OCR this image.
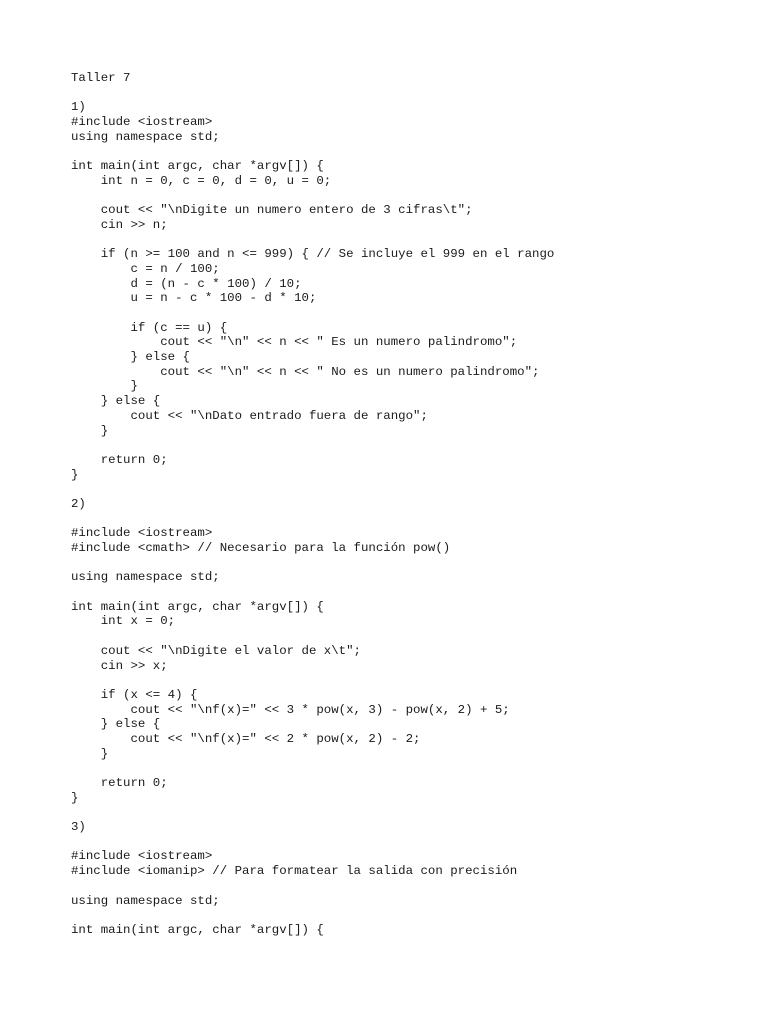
Taller 7
1)
#include <iostream>
using namespace std;
int main(int argc, char *argv[]) {
int n = 0, c = 0, d = 0, u = 0;
cout << "\nDigite un numero entero de 3 cifras\t";
cin >> n;
if (n >= 100 and n <= 999) { // Se incluye el 999 en el rango
c = n / 100;
d = (n - c * 100) / 10;
u = n - c * 100 - d * 10;
if (c == u) {
cout << "\n" << n << " Es un numero palindromo";
} else {
cout << "\n" << n << " No es un numero palindromo";
}
} else {
cout << "\nDato entrado fuera de rango";
}
return 0;
}
2)
#include <iostream>
#include <cmath> // Necesario para la función pow()
using namespace std;
int main(int argc, char *argv[]) {
int x = 0;
cout << "\nDigite el valor de x\t";
cin >> x;
if (x <= 4) {
cout << "\nf(x)=" << 3 * pow(x, 3) - pow(x, 2) + 5;
} else {
cout << "\nf(x)=" << 2 * pow(x, 2) - 2;
}
return 0;
}
3)
#include <iostream>
#include <iomanip> // Para formatear la salida con precisión
using namespace std;
int main(int argc, char *argv[]) {
